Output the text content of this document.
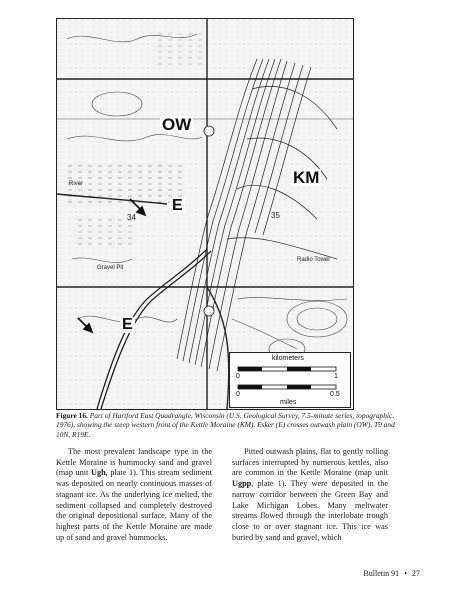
OW
KM
E
E
River
34	35
Gravel Pit
Radio Tower
kilometers
0	1
0	0.5
miles

Figure 16. Part of Hartford East Quadrangle, Wisconsin (U.S. Geological Survey, 7.5-minute series, topographic, 1976), showing the steep western front of the Kettle Moraine (KM). Esker (E) crosses outwash plain (OW), T9 and 10N, R19E.

The most prevalent landscape type in the Kettle Moraine is hummocky sand and gravel (map unit Ugh, plate 1). This stream sediment was deposited on nearly continuous masses of stagnant ice. As the underlying ice melted, the sediment collapsed and completely destroyed the original depositional surface. Many of the highest parts of the Kettle Moraine are made up of sand and gravel hummocks.

Pitted outwash plains, flat to gently rolling surfaces interrupted by numerous kettles, also are common in the Kettle Moraine (map unit Ugpp, plate 1). They were deposited in the narrow corridor between the Green Bay and Lake Michigan Lobes. Many meltwater streams flowed through the interlobate trough close to or over stagnant ice. This ice was buried by sand and gravel, which

Bulletin 91 • 27
